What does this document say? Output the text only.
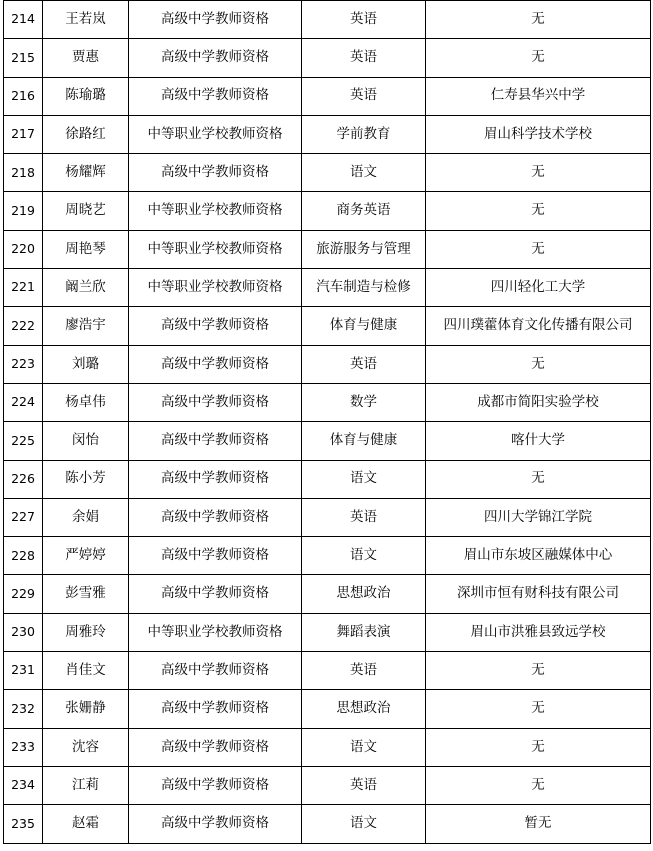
214	王若岚	高级中学教师资格	英语	无
215	贾惠	高级中学教师资格	英语	无
216	陈瑜璐	高级中学教师资格	英语	仁寿县华兴中学
217	徐路红	中等职业学校教师资格	学前教育	眉山科学技术学校
218	杨耀辉	高级中学教师资格	语文	无
219	周晓艺	中等职业学校教师资格	商务英语	无
220	周艳琴	中等职业学校教师资格	旅游服务与管理	无
221	阚兰欣	中等职业学校教师资格	汽车制造与检修	四川轻化工大学
222	廖浩宇	高级中学教师资格	体育与健康	四川璞藿体育文化传播有限公司
223	刘璐	高级中学教师资格	英语	无
224	杨卓伟	高级中学教师资格	数学	成都市简阳实验学校
225	闵怡	高级中学教师资格	体育与健康	喀什大学
226	陈小芳	高级中学教师资格	语文	无
227	余娟	高级中学教师资格	英语	四川大学锦江学院
228	严婷婷	高级中学教师资格	语文	眉山市东坡区融媒体中心
229	彭雪雅	高级中学教师资格	思想政治	深圳市恒有财科技有限公司
230	周雅玲	中等职业学校教师资格	舞蹈表演	眉山市洪雅县致远学校
231	肖佳文	高级中学教师资格	英语	无
232	张姗静	高级中学教师资格	思想政治	无
233	沈容	高级中学教师资格	语文	无
234	江莉	高级中学教师资格	英语	无
235	赵霜	高级中学教师资格	语文	暂无
